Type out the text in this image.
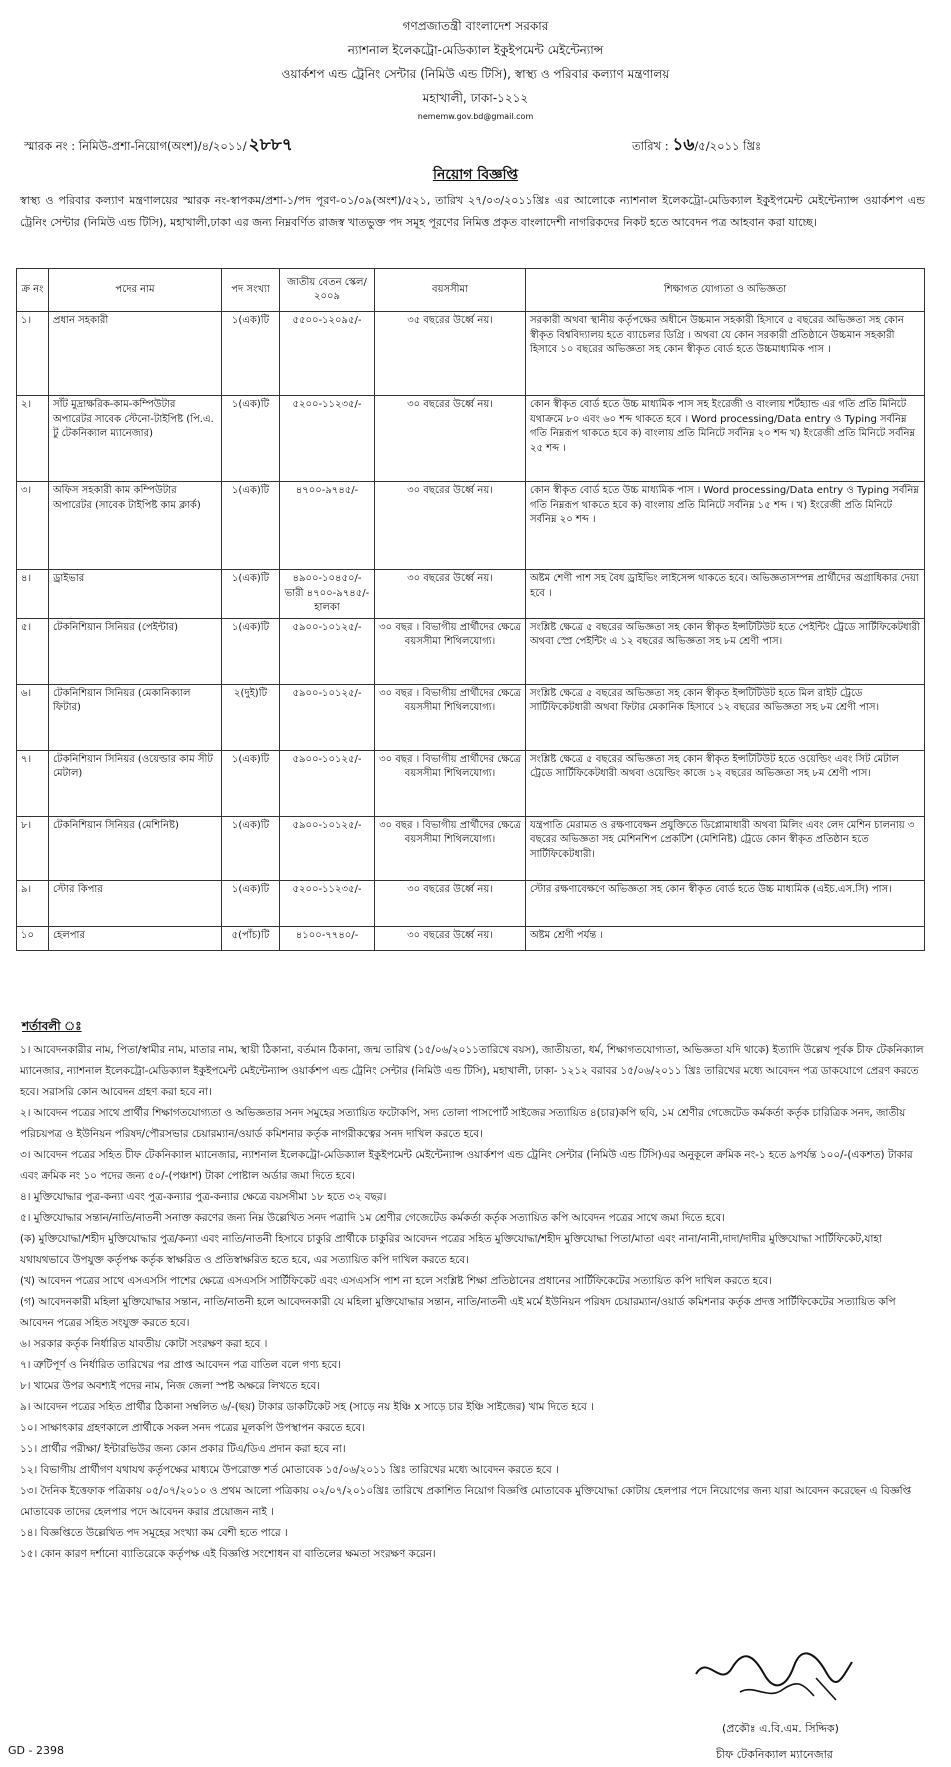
গণপ্রজাতন্ত্রী বাংলাদেশ সরকার
ন্যাশনাল ইলেকট্রো-মেডিক্যাল ইকুইপমেন্ট মেইন্টেন্যান্স
ওয়ার্কশপ এন্ড ট্রেনিং সেন্টার (নিমিউ এন্ড টিসি), স্বাস্থ্য ও পরিবার কল্যাণ মন্ত্রণালয়
মহাখালী, ঢাকা-১২১২
nememw.gov.bd@gmail.com
স্মারক নং : নিমিউ-প্রশা-নিয়োগ(অংশ)/৪/২০১১/ ২৮৮৭	তারিখ : ১৬/৫/২০১১ খ্রিঃ
নিয়োগ বিজ্ঞপ্তি
স্বাস্থ্য ও পরিবার কল্যাণ মন্ত্রণালয়ের স্মারক নং-স্বাপকম/প্রশা-১/পদ পূরণ-০১/০৯(অংশ)/৫২১, তারিখ ২৭/০৩/২০১১খ্রিঃ এর আলোকে ন্যাশনাল ইলেকট্রো-মেডিক্যাল ইকুইপমেন্ট মেইন্টেন্যান্স ওয়ার্কশপ এন্ড ট্রেনিং সেন্টার (নিমিউ এন্ড টিসি), মহাখালী,ঢাকা এর জন্য নিম্নবর্ণিত রাজস্ব খাতভুক্ত পদ সমূহ পূরণের নিমিত্ত প্রকৃত বাংলাদেশী নাগরিকদের নিকট হতে আবেদন পত্র আহবান করা যাচ্ছে।
ক্র নং	পদের নাম	পদ সংখ্যা	জাতীয় বেতন স্কেল/২০০৯	বয়সসীমা	শিক্ষাগত যোগ্যতা ও অভিজ্ঞতা
১।	প্রধান সহকারী	১(এক)টি	৫৫০০-১২০৯৫/-	৩৫ বছরের উর্ধ্বে নয়।	সরকারী অথবা স্থানীয় কর্তৃপক্ষের অধীনে উচ্চমান সহকারী হিসাবে ৫ বছরের অভিজ্ঞতা সহ কোন স্বীকৃত বিশ্ববিদ্যালয় হতে ব্যাচেলর ডিগ্রি । অথবা যে কোন সরকারী প্রতিষ্ঠানে উচ্চমান সহকারী হিসাবে ১০ বছরের অভিজ্ঞতা সহ কোন স্বীকৃত বোর্ড হতে উচ্চমাধ্যমিক পাস ।
২।	সাঁট মুদ্রাক্ষরিক-কাম-কম্পিউটার অপারেটর সাবেক স্টেনো-টাইপিষ্ট (পি.এ. টু টেকনিক্যাল ম্যানেজার)	১(এক)টি	৫২০০-১১২৩৫/-	৩০ বছরের উর্ধ্বে নয়।	কোন স্বীকৃত বোর্ড হতে উচ্চ মাধ্যমিক পাস সহ ইংরেজী ও বাংলায় শর্টহ্যান্ড এর গতি প্রতি মিনিটে যথাক্রমে ৮০ এবং ৬০ শব্দ থাকতে হবে । Word processing/Data entry ও Typing সর্বনিম্ন গতি নিম্নরূপ থাকতে হবে ক) বাংলায় প্রতি মিনিটে সর্বনিম্ন ২০ শব্দ খ) ইংরেজী প্রতি মিনিটে সর্বনিম্ন ২৫ শব্দ ।
৩।	অফিস সহকারী কাম কম্পিউটার অপারেটর (সাবেক টাইপিষ্ট কাম ক্লার্ক)	১(এক)টি	৪৭০০-৯৭৪৫/-	৩০ বছরের উর্ধ্বে নয়।	কোন স্বীকৃত বোর্ড হতে উচ্চ মাধ্যমিক পাস । Word processing/Data entry ও Typing সর্বনিম্ন গতি নিম্নরূপ থাকতে হবে ক) বাংলায় প্রতি মিনিটে সর্বনিম্ন ১৫ শব্দ । খ) ইংরেজী প্রতি মিনিটে সর্বনিম্ন ২০ শব্দ ।
৪।	ড্রাইভার	১(এক)টি	৪৯০০-১০৪৫০/-ভারী ৪৭০০-৯৭৪৫/-হালকা	৩০ বছরের উর্ধ্বে নয়।	অষ্টম শেণী পাশ সহ বৈধ ড্রাইভিং লাইসেন্স থাকতে হবে। অভিজ্ঞতাসম্পন্ন প্রার্থীদের অগ্রাধিকার দেয়া হবে ।
৫।	টেকনিশিয়ান সিনিয়র (পেইন্টার)	১(এক)টি	৫৯০০-১০১২৫/-	৩০ বছর । বিভাগীয় প্রার্থীদের ক্ষেত্রে বয়সসীমা শিথিলযোগ্য।	সংশ্লিষ্ট ক্ষেত্রে ৫ বছরের অভিজ্ঞতা সহ কোন স্বীকৃত ইন্সটিটিউট হতে পেইন্টিং ট্রেডে সার্টিফিকেটধারী অথবা স্প্রে পেইন্টিং এ ১২ বছরের অভিজ্ঞতা সহ ৮ম শ্রেণী পাস।
৬।	টেকনিশিয়ান সিনিয়র (মেকানিক্যাল ফিটার)	২(দুই)টি	৫৯০০-১০১২৫/-	৩০ বছর । বিভাগীয় প্রার্থীদের ক্ষেত্রে বয়সসীমা শিথিলযোগ্য।	সংশ্লিষ্ট ক্ষেত্রে ৫ বছরের অভিজ্ঞতা সহ কোন স্বীকৃত ইন্সটিটিউট হতে মিল রাইট ট্রেডে সার্টিফিকেটধারী অথবা ফিটার মেকানিক হিসাবে ১২ বছরের অভিজ্ঞতা সহ ৮ম শ্রেণী পাস।
৭।	টেকনিশিয়ান সিনিয়র (ওয়েল্ডার কাম সীট মেটাল)	১(এক)টি	৫৯০০-১০১২৫/-	৩০ বছর । বিভাগীয় প্রার্থীদের ক্ষেত্রে বয়সসীমা শিথিলযোগ্য।	সংশ্লিষ্ট ক্ষেত্রে ৫ বছরের অভিজ্ঞতা সহ কোন স্বীকৃত ইন্সটিটিউট হতে ওয়েল্ডিং এবং সিট মেটাল ট্রেডে সার্টিফিকেটধারী অথবা ওয়েল্ডিং কাজে ১২ বছরের অভিজ্ঞতা সহ ৮ম শ্রেণী পাস।
৮।	টেকনিশিয়ান সিনিয়র (মেশিনিষ্ট)	১(এক)টি	৫৯০০-১০১২৫/-	৩০ বছর । বিভাগীয় প্রার্থীদের ক্ষেত্রে বয়সসীমা শিথিলযোগ্য।	যন্ত্রপাতি মেরামত ও রক্ষণাবেক্ষন প্রযুক্তিতে ডিপ্লোমাধারী অথবা মিলিং এবং লেদ মেশিন চালনায় ৩ বছরের অভিজ্ঞতা সহ মেশিনশিপ প্রেকটিশ (মেশিনিষ্ট) ট্রেডে কোন স্বীকৃত প্রতিষ্ঠান হতে সার্টিফিকেটধারী।
৯।	স্টোর কিপার	১(এক)টি	৫২০০-১১২৩৫/-	৩০ বছরের উর্ধ্বে নয়।	স্টোর রক্ষণাবেক্ষণে অভিজ্ঞতা সহ কোন স্বীকৃত বোর্ড হতে উচ্চ মাধ্যমিক (এইচ.এস.সি) পাস।
১০	হেলপার	৫(পাঁচ)টি	৪১০০-৭৭৪০/-	৩০ বছরের উর্ধ্বে নয়।	অষ্টম শ্রেণী পর্যন্ত ।
শর্তাবলী ঃ

১। আবেদনকারীর নাম, পিতা/স্বামীর নাম, মাতার নাম, স্থায়ী ঠিকানা, বর্তমান ঠিকানা, জন্ম তারিখ (১৫/০৬/২০১১তারিখে বয়স), জাতীয়তা, ধর্ম, শিক্ষাগতযোগ্যতা, অভিজ্ঞতা যদি থাকে) ইত্যাদি উল্লেখ পূর্বক চীফ টেকনিক্যাল ম্যানেজার, ন্যাশনাল ইলেকট্রো-মেডিক্যাল ইকুইপমেন্ট মেইন্টেন্যান্স ওয়ার্কশপ এন্ড ট্রেনিং সেন্টার (নিমিউ এন্ড টিসি), মহাখালী, ঢাকা- ১২১২ বরাবর ১৫/০৬/২০১১ খ্রিঃ তারিখের মধ্যে আবেদন পত্র ডাকযোগে প্রেরণ করতে হবে। সরাসরি কোন আবেদন গ্রহণ করা হবে না।

২। আবেদন পত্রের সাথে প্রার্থীর শিক্ষাগতযোগ্যতা ও অভিজ্ঞতার সনদ সমুহের সত্যায়িত ফটোকপি, সদ্য তোলা পাসপোর্ট সাইজের সত্যায়িত ৪(চার)কপি ছবি, ১ম শ্রেণীর গেজেটেড কর্মকর্তা কর্তৃক চারিত্রিক সনদ, জাতীয় পরিচয়পত্র ও ইউনিয়ন পরিষদ/পৌরসভার চেয়ারম্যান/ওয়ার্ড কমিশনার কর্তৃক নাগরীকত্বের সনদ দাখিল করতে হবে।

৩। আবেদন পত্রের সহিত চীফ টেকনিক্যাল ম্যানেজার, ন্যাশনাল ইলেকট্রো-মেডিক্যাল ইকুইপমেন্ট মেইন্টেন্যান্স ওয়ার্কশপ এন্ড ট্রেনিং সেন্টার (নিমিউ এন্ড টিসি)এর অনুকূলে ক্রমিক নং-১ হতে ৯পর্যন্ত ১০০/-(একশত) টাকার এবং ক্রমিক নং ১০ পদের জন্য ৫০/-(পঞ্চাশ) টাকা পোষ্টাল অর্ডার জমা দিতে হবে।

৪। মুক্তিযোদ্ধার পুত্র-কন্যা এবং পুত্র-কন্যার পুত্র-কন্যার ক্ষেত্রে বয়সসীমা ১৮ হতে ৩২ বছর।

৫। মুক্তিযোদ্ধার সন্তান/নাতি/নাতনী সনাক্ত করণের জন্য নিম্ন উল্লেখিত সনদ পত্রাদি ১ম শ্রেণীর গেজেটেড কর্মকর্তা কর্তৃক সত্যায়িত কপি আবেদন পত্রের সাথে জমা দিতে হবে।

(ক) মুক্তিযোদ্ধা/শহীদ মুক্তিযোদ্ধার পুত্র/কন্যা এবং নাতি/নাতনী হিসাবে চাকুরি প্রার্থীকে চাকুরির আবেদন পত্রের সহিত মুক্তিযোদ্ধা/শহীদ মুক্তিযোদ্ধা পিতা/মাতা এবং নানা/নানী,দাদা/দাদীর মুক্তিযোদ্ধা সার্টিফিকেট,যাহা যথাযথভাবে উপযুক্ত কর্তৃপক্ষ কর্তৃক স্বাক্ষরিত ও প্রতিস্বাক্ষরিত হতে হবে, এর সত্যায়িত কপি দাখিল করতে হবে।

(খ) আবেদন পত্রের সাথে এসএসসি পাশের ক্ষেত্রে এসএসসি সার্টিফিকেট এবং এসএসসি পাশ না হলে সংশ্লিষ্ট শিক্ষা প্রতিষ্ঠানের প্রধানের সার্টিফিকেটের সত্যায়িত কপি দাখিল করতে হবে।

(গ) আবেদনকারী মহিলা মুক্তিযোদ্ধার সন্তান, নাতি/নাতনী হলে আবেদনকারী যে মহিলা মুক্তিযোদ্ধার সন্তান, নাতি/নাতনী এই মর্মে ইউনিয়ন পরিষদ চেয়ারম্যান/ওয়ার্ড কমিশনার কর্তৃক প্রদত্ত সার্টিফিকেটের সত্যায়িত কপি আবেদন পত্রের সহিত সংযুক্ত করতে হবে।

৬। সরকার কর্তৃক নির্ধারিত যাবতীয় কোটা সংরক্ষণ করা হবে ।

৭। ত্রুটিপূর্ণ ও নির্ধারিত তারিখের পর প্রাপ্ত আবেদন পত্র বাতিল বলে গণ্য হবে।

৮। খামের উপর অবশ্যই পদের নাম, নিজ জেলা স্পষ্ট অক্ষরে লিখতে হবে।

৯। আবেদন পত্রের সহিত প্রার্থীর ঠিকানা সম্বলিত ৬/-(ছয়) টাকার ডাকটিকেট সহ (সাড়ে নয় ইঞ্চি x সাড়ে চার ইঞ্চি সাইজের) খাম দিতে হবে ।

১০। সাক্ষাৎকার গ্রহণকালে প্রার্থীকে সকল সনদ পত্রের মূলকপি উপস্থাপন করতে হবে।

১১। প্রার্থীর পরীক্ষা/ ইন্টারভিউর জন্য কোন প্রকার টিএ/ডিএ প্রদান করা হবে না।

১২। বিভাগীয় প্রার্থীগণ যথাযথ কর্তৃপক্ষের মাধ্যমে উপরোক্ত শর্ত মোতাবেক ১৫/০৬/২০১১ খ্রিঃ তারিখের মধ্যে আবেদন করতে হবে ।

১৩। দৈনিক ইত্তেফাক পত্রিকায় ০৫/০৭/২০১০ ও প্রথম আলো পত্রিকায় ০২/০৭/২০১০খ্রিঃ তারিখে প্রকাশিত নিয়োগ বিজ্ঞপ্তি মোতাবেক মুক্তিযোদ্ধা কোটায় হেলপার পদে নিয়োগের জন্য যারা আবেদন করেছেন এ বিজ্ঞপ্তি মোতাবেক তাদের হেলপার পদে আবেদন করার প্রয়োজন নাই ।

১৪। বিজ্ঞপ্তিতে উল্লেখিত পদ সমূহের সংখ্যা কম বেশী হতে পারে ।

১৫। কোন কারণ দর্শানো ব্যাতিরেকে কর্তৃপক্ষ এই বিজ্ঞপ্তি সংশোধন বা বাতিলের ক্ষমতা সংরক্ষণ করেন।

(প্রকৌঃ এ.বি.এম. সিদ্দিক)
চীফ টেকনিক্যাল ম্যানেজার
GD - 2398
